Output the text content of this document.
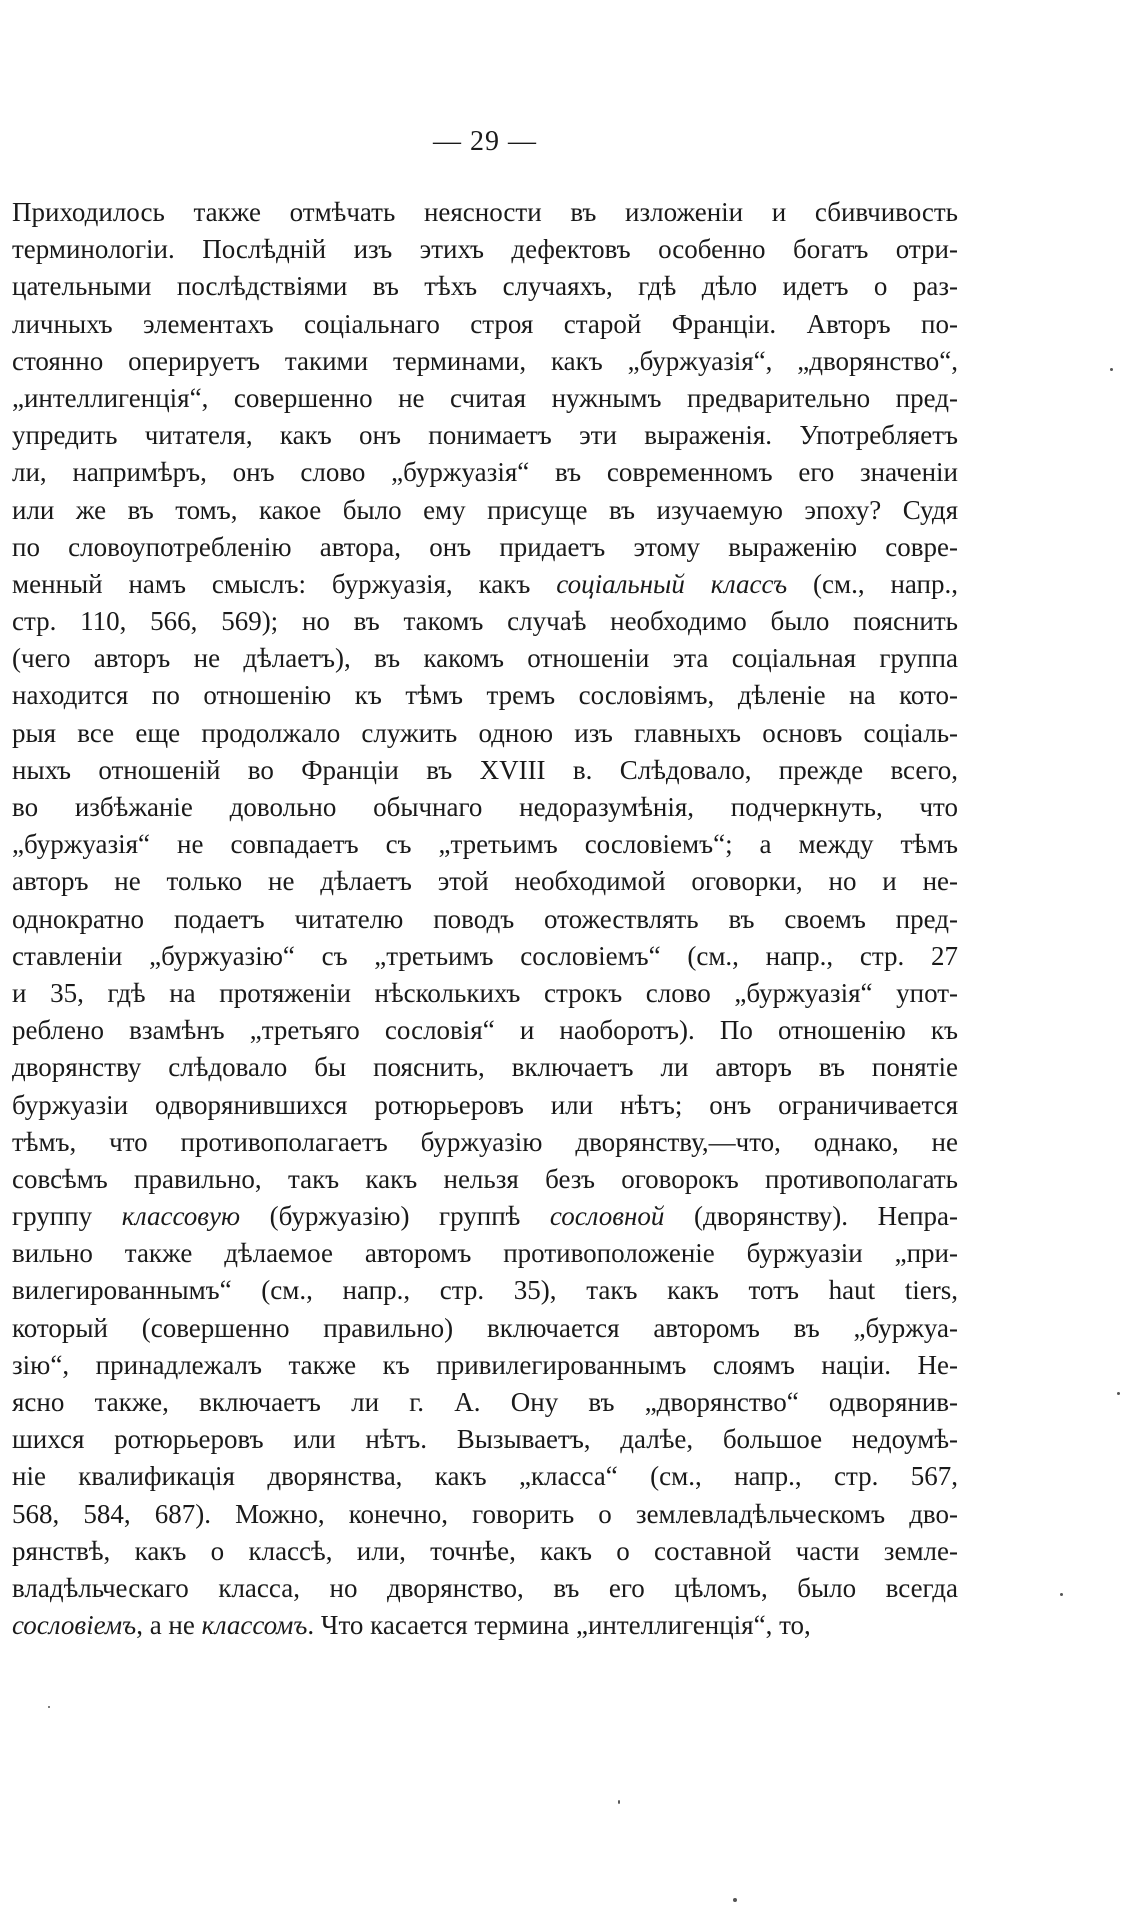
— 29 —
Приходилось также отмѣчать неясности въ изложеніи и сбивчивость
терминологіи. Послѣдній изъ этихъ дефектовъ особенно богатъ отри-
цательными послѣдствіями въ тѣхъ случаяхъ, гдѣ дѣло идетъ о раз-
личныхъ элементахъ соціальнаго строя старой Франціи. Авторъ по-
стоянно оперируетъ такими терминами, какъ „буржуазія“, „дворянство“,
„интеллигенція“, совершенно не считая нужнымъ предварительно пред-
упредить читателя, какъ онъ понимаетъ эти выраженія. Употребляетъ
ли, напримѣръ, онъ слово „буржуазія“ въ современномъ его значеніи
или же въ томъ, какое было ему присуще въ изучаемую эпоху? Судя
по словоупотребленію автора, онъ придаетъ этому выраженію совре-
менный намъ смыслъ: буржуазія, какъ соціальный классъ (см., напр.,
стр. 110, 566, 569); но въ такомъ случаѣ необходимо было пояснить
(чего авторъ не дѣлаетъ), въ какомъ отношеніи эта соціальная группа
находится по отношенію къ тѣмъ тремъ сословіямъ, дѣленіе на кото-
рыя все еще продолжало служить одною изъ главныхъ основъ соціаль-
ныхъ отношеній во Франціи въ XVIII в. Слѣдовало, прежде всего,
во избѣжаніе довольно обычнаго недоразумѣнія, подчеркнуть, что
„буржуазія“ не совпадаетъ съ „третьимъ сословіемъ“; а между тѣмъ
авторъ не только не дѣлаетъ этой необходимой оговорки, но и не-
однократно подаетъ читателю поводъ отожествлять въ своемъ пред-
ставленіи „буржуазію“ съ „третьимъ сословіемъ“ (см., напр., стр. 27
и 35, гдѣ на протяженіи нѣсколькихъ строкъ слово „буржуазія“ упот-
реблено взамѣнъ „третьяго сословія“ и наоборотъ). По отношенію къ
дворянству слѣдовало бы пояснить, включаетъ ли авторъ въ понятіе
буржуазіи одворянившихся ротюрьеровъ или нѣтъ; онъ ограничивается
тѣмъ, что противополагаетъ буржуазію дворянству,—что, однако, не
совсѣмъ правильно, такъ какъ нельзя безъ оговорокъ противополагать
группу классовую (буржуазію) группѣ сословной (дворянству). Непра-
вильно также дѣлаемое авторомъ противоположеніе буржуазіи „при-
вилегированнымъ“ (см., напр., стр. 35), такъ какъ тотъ haut tiers,
который (совершенно правильно) включается авторомъ въ „буржуа-
зію“, принадлежалъ также къ привилегированнымъ слоямъ націи. Не-
ясно также, включаетъ ли г. А. Ону въ „дворянство“ одворянив-
шихся ротюрьеровъ или нѣтъ. Вызываетъ, далѣе, большое недоумѣ-
ніе квалификація дворянства, какъ „класса“ (см., напр., стр. 567,
568, 584, 687). Можно, конечно, говорить о землевладѣльческомъ дво-
рянствѣ, какъ о классѣ, или, точнѣе, какъ о составной части земле-
владѣльческаго класса, но дворянство, въ его цѣломъ, было всегда
сословіемъ, а не классомъ. Что касается термина „интеллигенція“, то,
